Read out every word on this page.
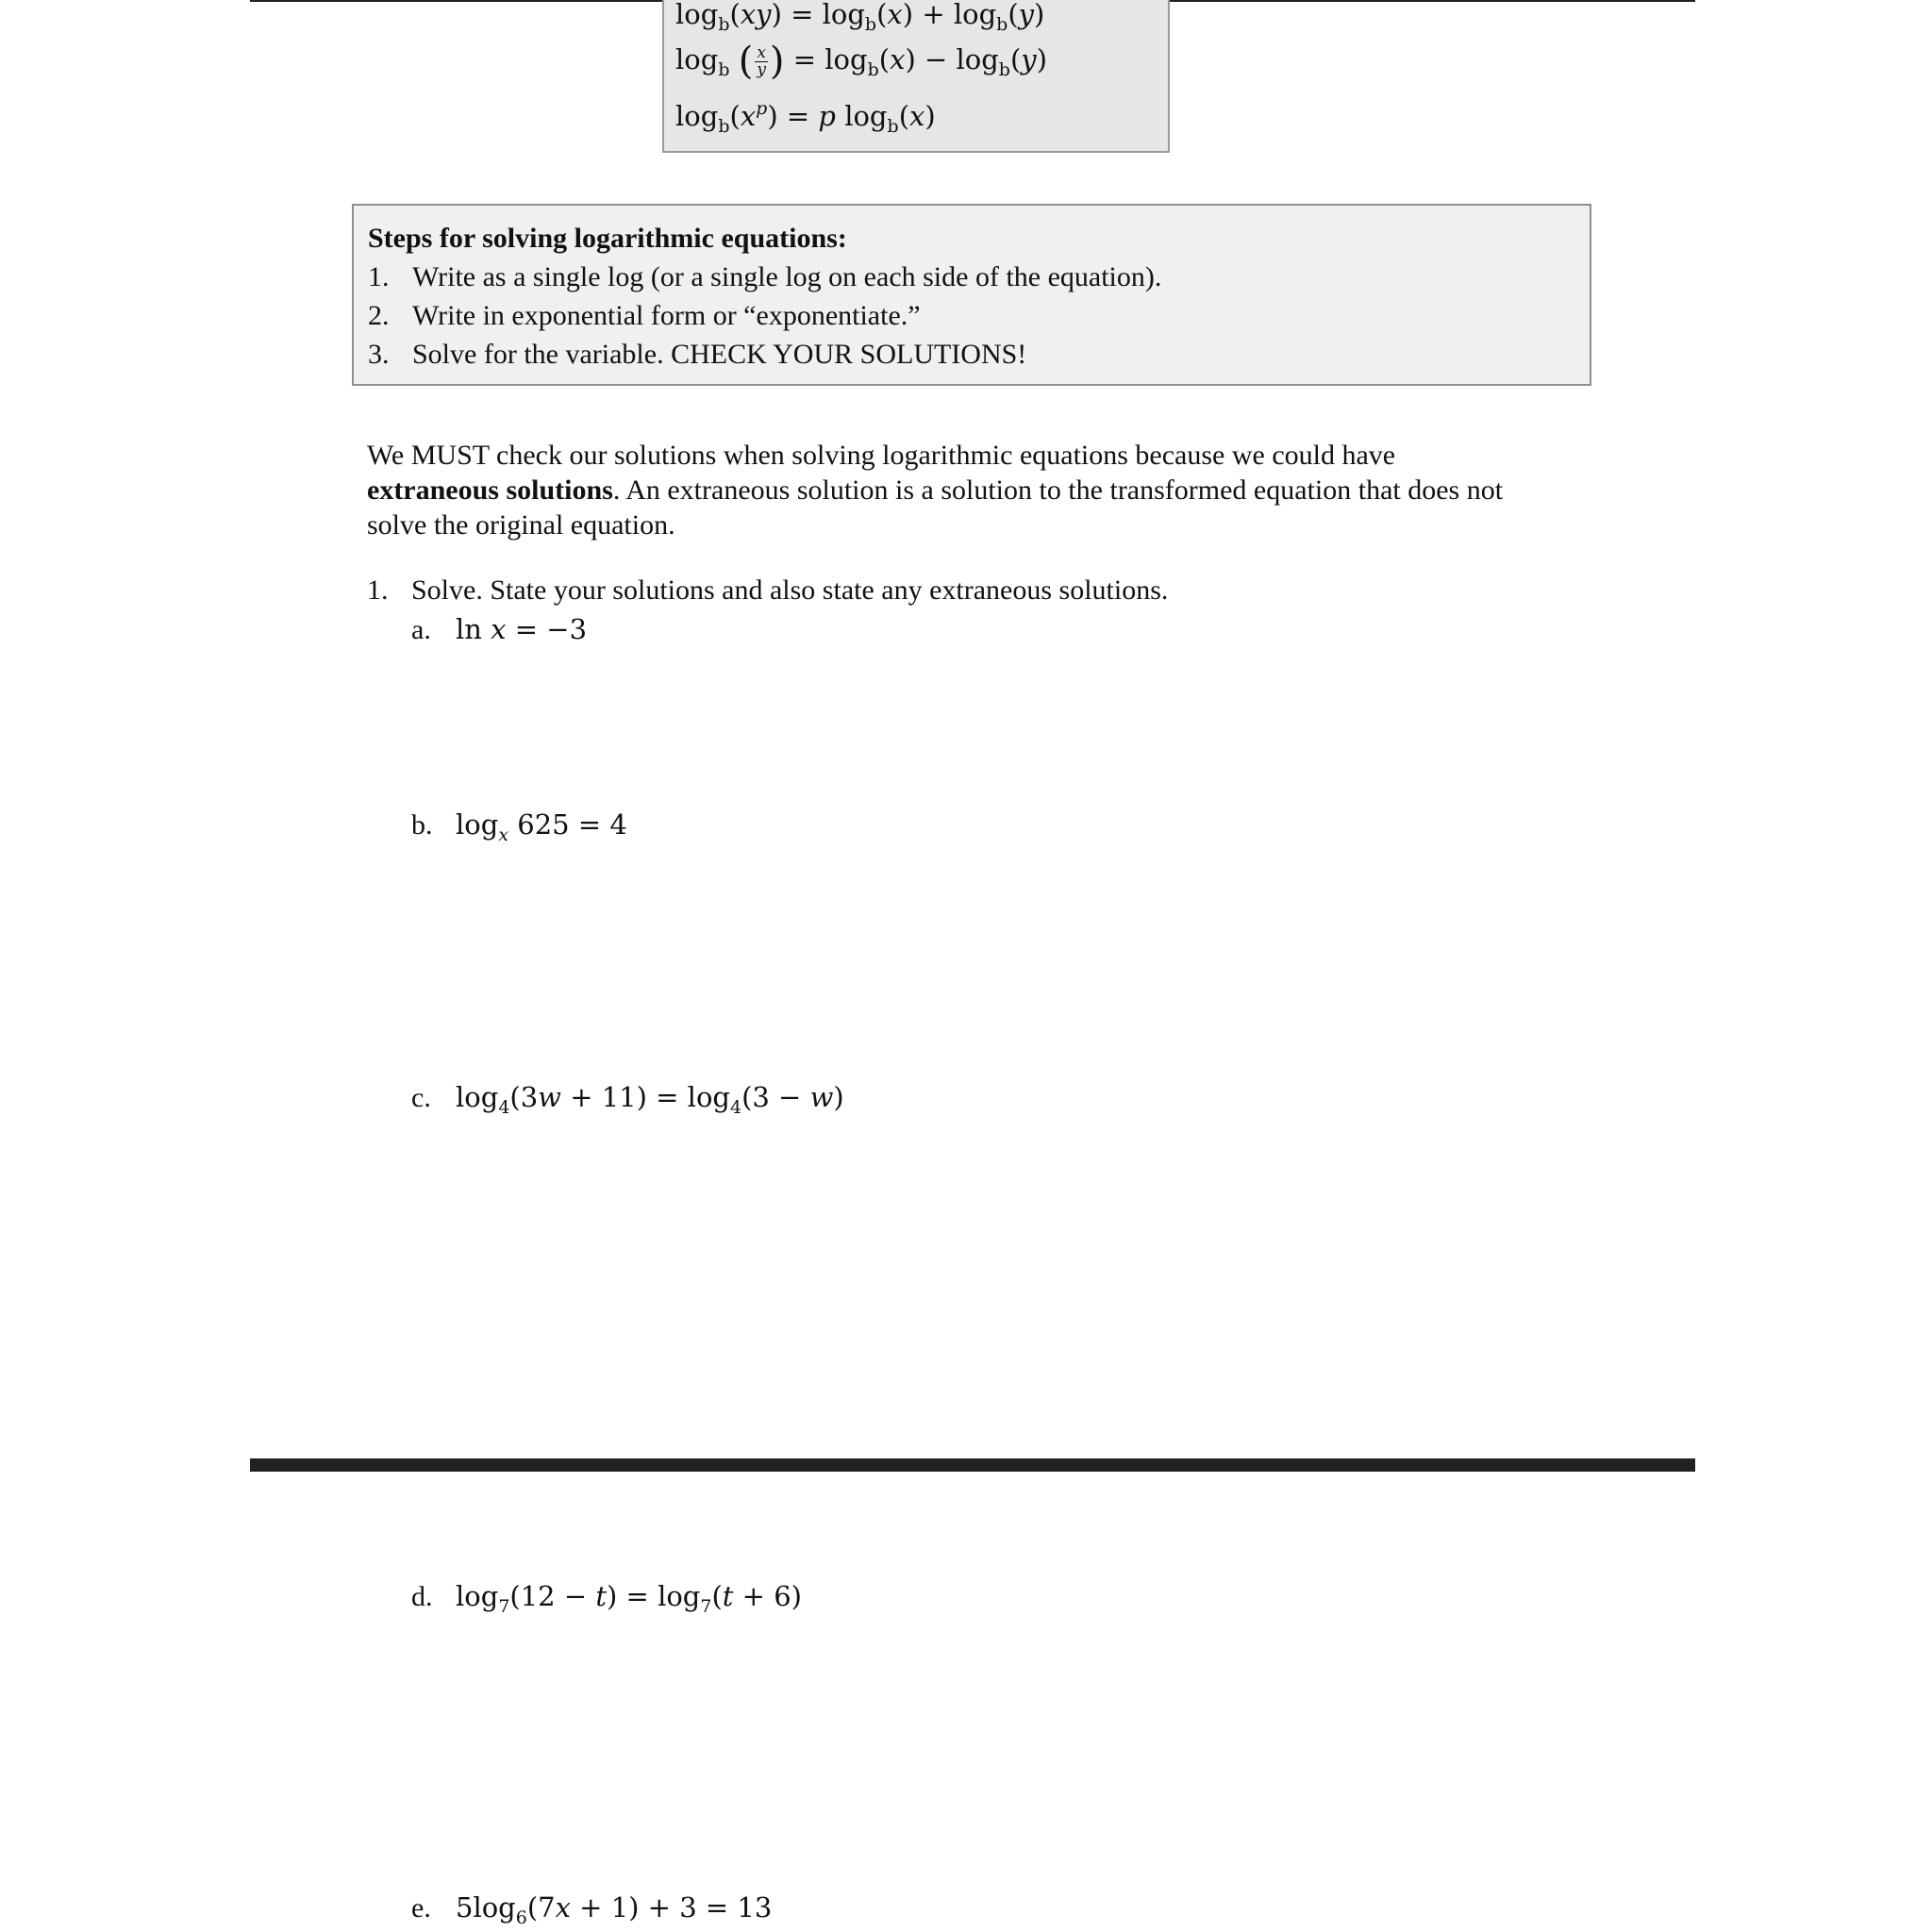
$\log_b(xy) = \log_b(x) + \log_b(y)$
$\log_b$ ( $\frac{x}{y}$ ) = $\log_b(x) - \log_b(y)$
$\log_b(x^p) = p$ $\log_b(x)$
Steps for solving logarithmic equations:
1. Write as a single log (or a single log on each side of the equation).
2. Write in exponential form or “exponentiate.”
3. Solve for the variable. CHECK YOUR SOLUTIONS!
We MUST check our solutions when solving logarithmic equations because we could have
extraneous solutions. An extraneous solution is a solution to the transformed equation that does not
solve the original equation.
1. Solve. State your solutions and also state any extraneous solutions.
a. ln x = −3
b. $\log_x 625 = 4$
c. $\log_4(3w + 11) = \log_4(3 - w)$
d. $\log_7(12 - t) = \log_7(t + 6)$
e. $5\log_6(7x + 1) + 3 = 13$
